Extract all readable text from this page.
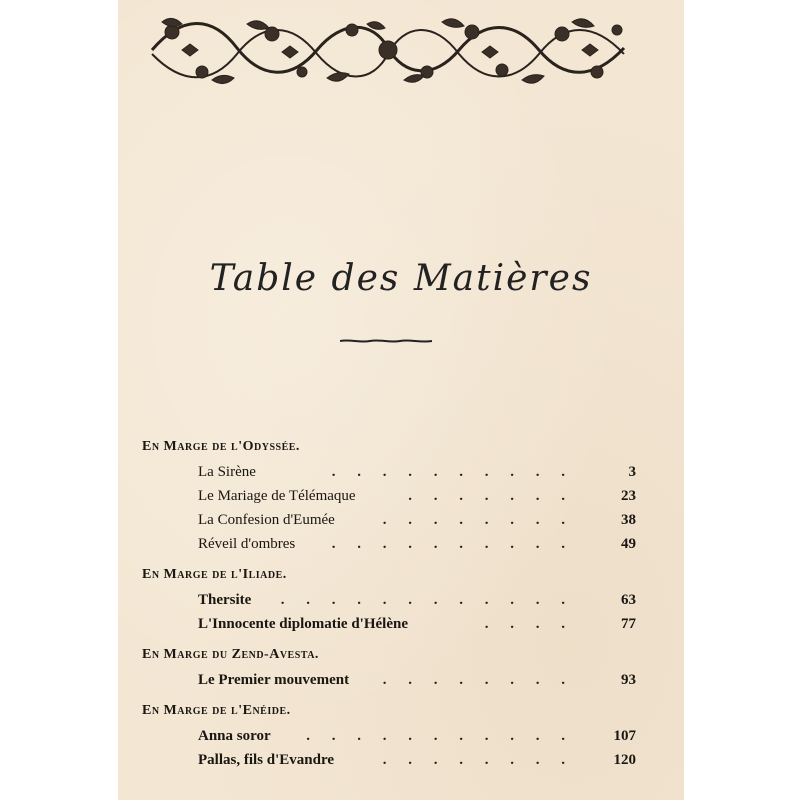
Table des Matières
En Marge de l'Odyssée.
La Sirène	. . . . . . . . . .	3
Le Mariage de Télémaque	. . . . . . .	23
La Confesion d'Eumée	. . . . . . . .	38
Réveil d'ombres . . . . . . . . . .	49
En Marge de l'Iliade.
Thersite . . . . . . . . . . . .	63
L'Innocente diplomatie d'Hélène	. . . .	77
En Marge du Zend-Avesta.
Le Premier mouvement . . . . . . . .	93
En Marge de l'Enéide.
Anna soror . . . . . . . . . . .	107
Pallas, fils d'Evandre	. . . . . . . .	120
